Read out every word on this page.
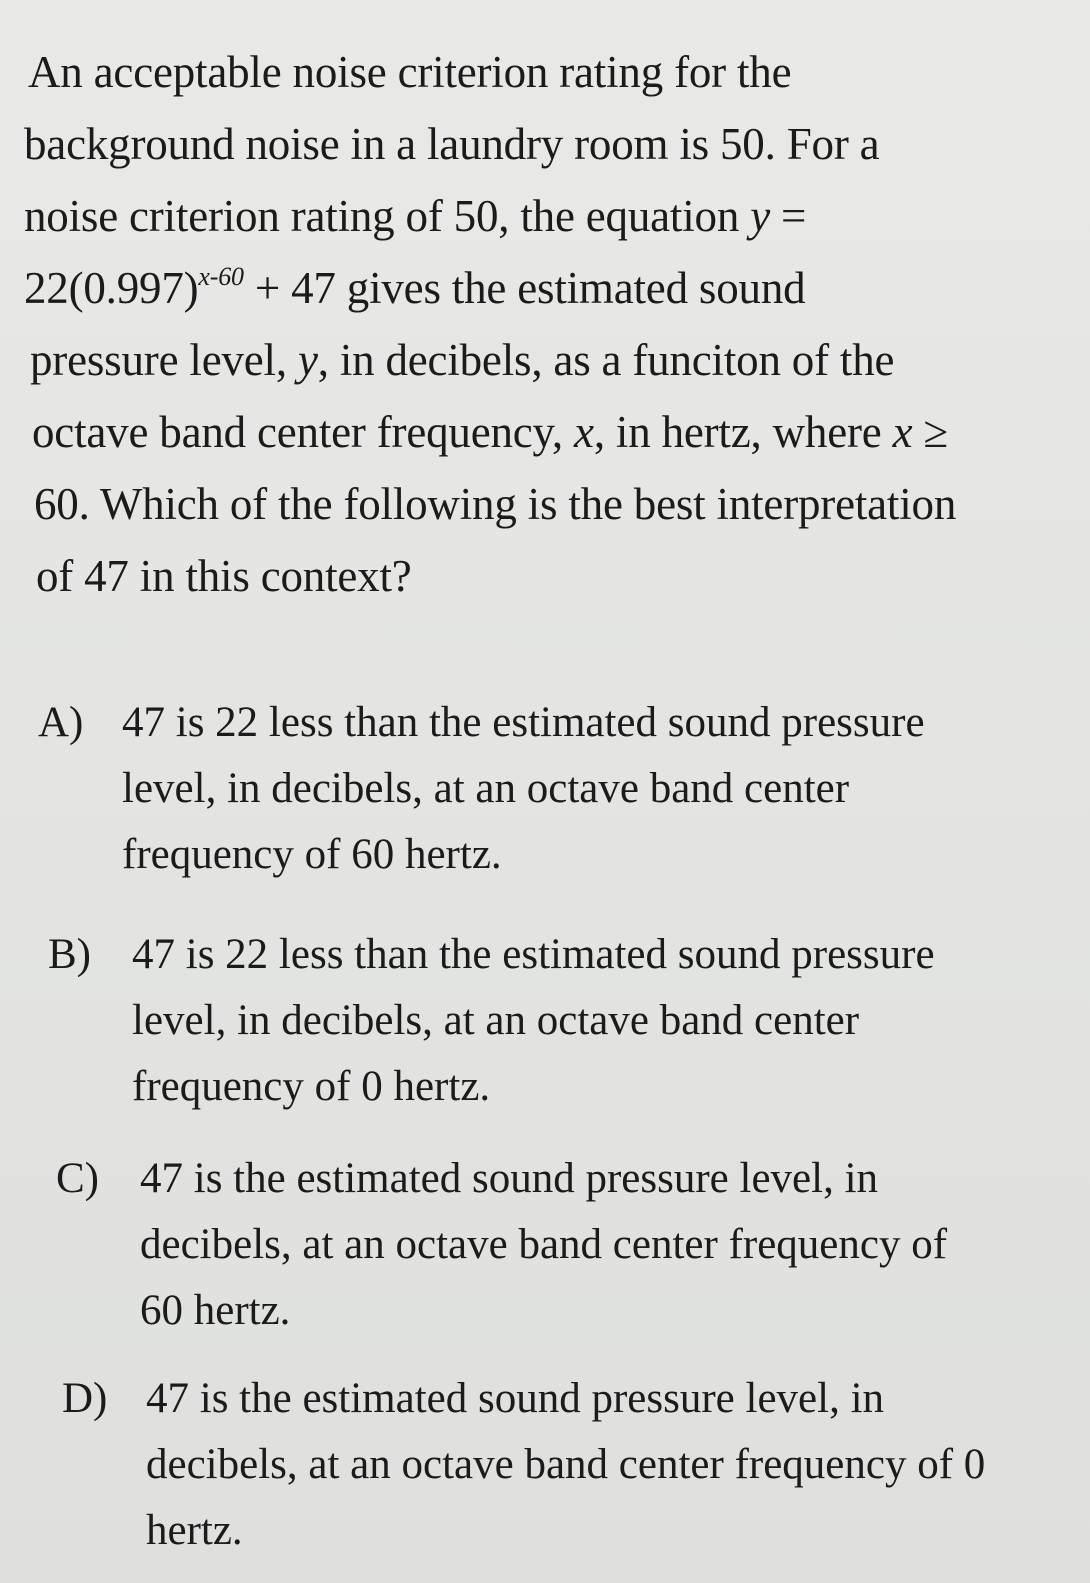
An acceptable noise criterion rating for the
background noise in a laundry room is 50. For a
noise criterion rating of 50, the equation y =
$22(0.997)^{x-60} + 47$ gives the estimated sound
pressure level, y, in decibels, as a funciton of the
octave band center frequency, x, in hertz, where x ≥
60. Which of the following is the best interpretation
of 47 in this context?
A) 47 is 22 less than the estimated sound pressure
level, in decibels, at an octave band center
frequency of 60 hertz.
B) 47 is 22 less than the estimated sound pressure
level, in decibels, at an octave band center
frequency of 0 hertz.
C) 47 is the estimated sound pressure level, in
decibels, at an octave band center frequency of
60 hertz.
D) 47 is the estimated sound pressure level, in
decibels, at an octave band center frequency of 0
hertz.
